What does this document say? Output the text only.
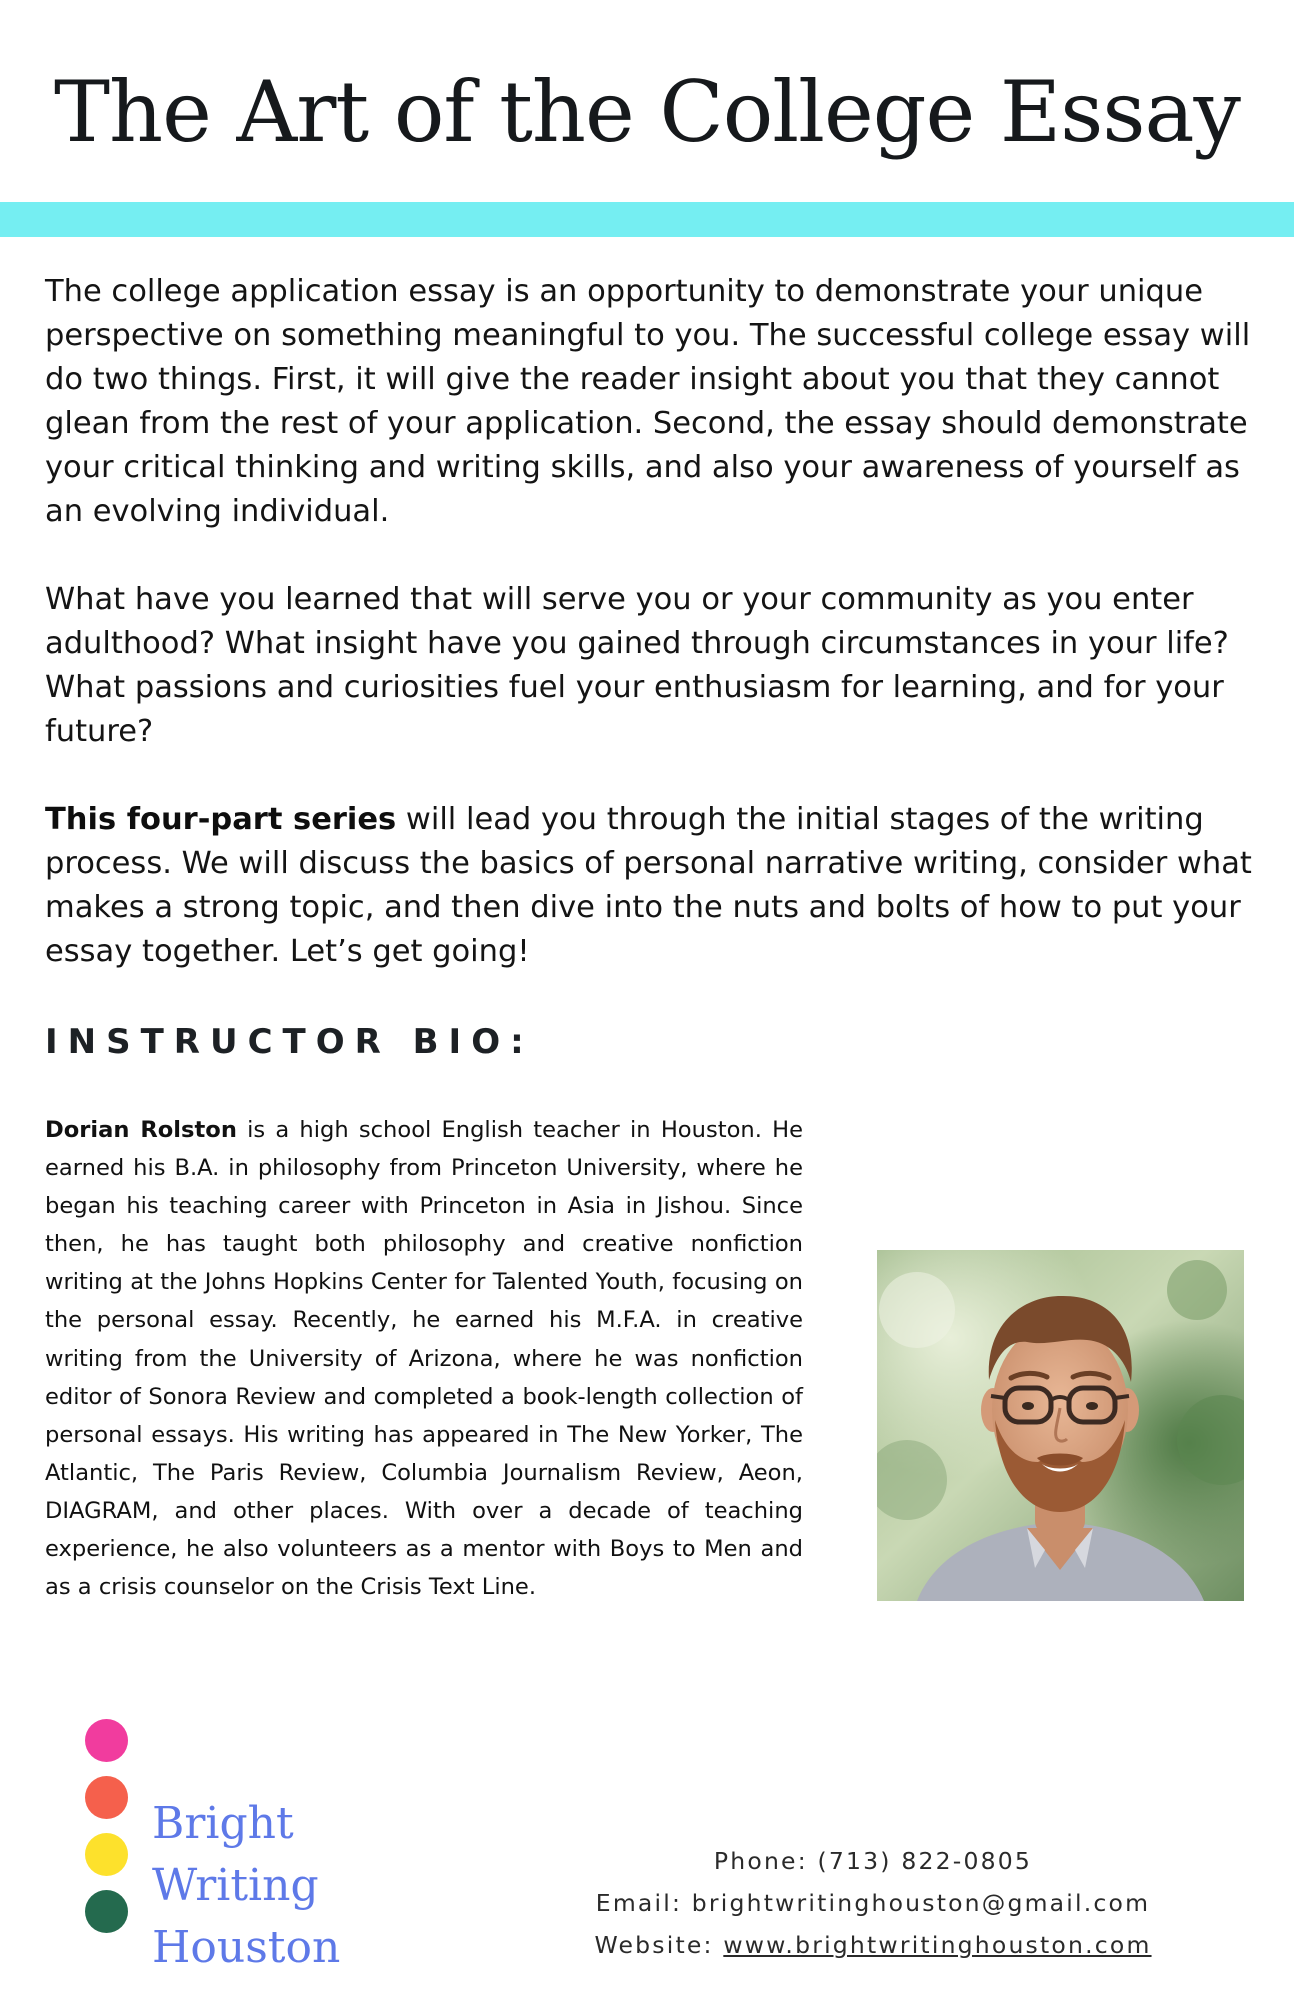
The Art of the College Essay

The college application essay is an opportunity to demonstrate your unique perspective on something meaningful to you. The successful college essay will do two things. First, it will give the reader insight about you that they cannot glean from the rest of your application. Second, the essay should demonstrate your critical thinking and writing skills, and also your awareness of yourself as an evolving individual.

What have you learned that will serve you or your community as you enter adulthood? What insight have you gained through circumstances in your life? What passions and curiosities fuel your enthusiasm for learning, and for your future?

This four-part series will lead you through the initial stages of the writing process. We will discuss the basics of personal narrative writing, consider what makes a strong topic, and then dive into the nuts and bolts of how to put your essay together. Let’s get going!

INSTRUCTOR BIO:

Dorian Rolston is a high school English teacher in Houston. He earned his B.A. in philosophy from Princeton University, where he began his teaching career with Princeton in Asia in Jishou. Since then, he has taught both philosophy and creative nonfiction writing at the Johns Hopkins Center for Talented Youth, focusing on the personal essay. Recently, he earned his M.F.A. in creative writing from the University of Arizona, where he was nonfiction editor of Sonora Review and completed a book-length collection of personal essays. His writing has appeared in The New Yorker, The Atlantic, The Paris Review, Columbia Journalism Review, Aeon, DIAGRAM, and other places. With over a decade of teaching experience, he also volunteers as a mentor with Boys to Men and as a crisis counselor on the Crisis Text Line.

Bright
Writing
Houston
Phone: (713) 822-0805
Email: brightwritinghouston@gmail.com
Website: www.brightwritinghouston.com
